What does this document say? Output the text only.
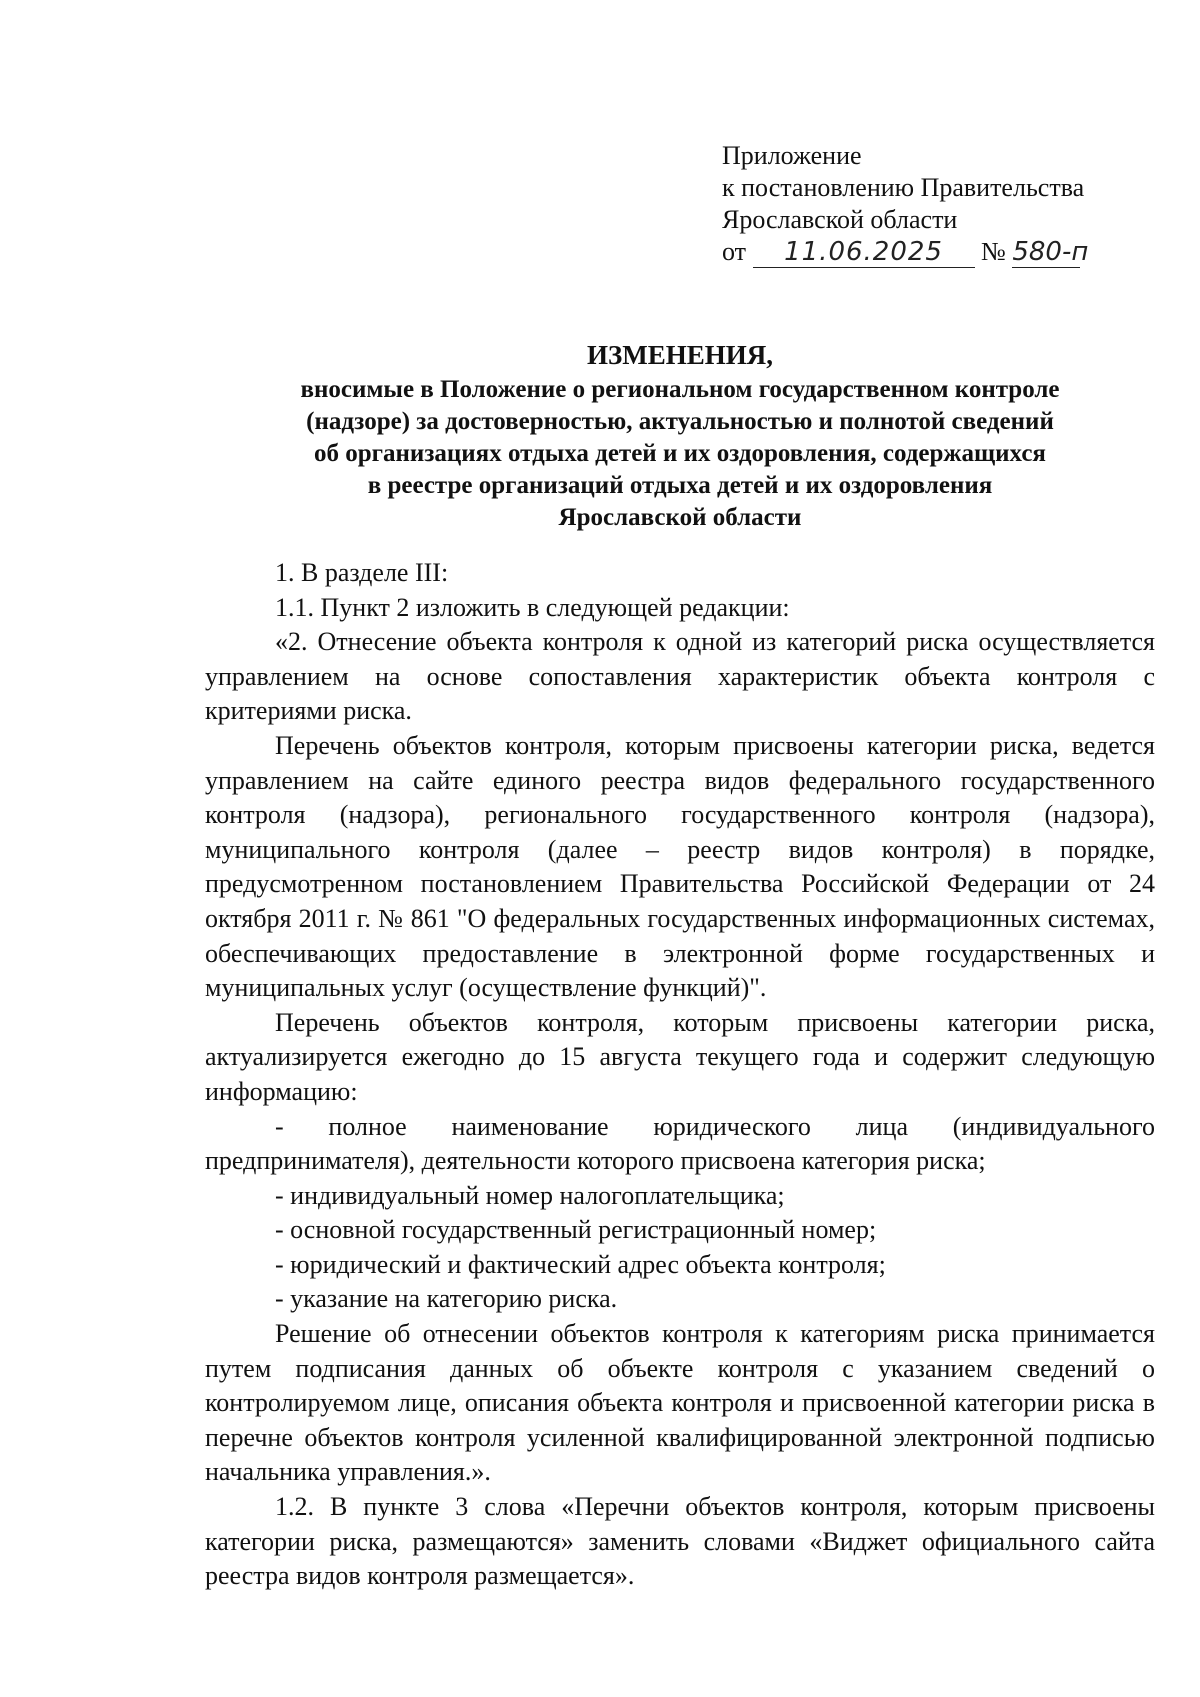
Приложение
к постановлению Правительства
Ярославской области
от 11.06.2025 № 580-п
ИЗМЕНЕНИЯ,
вносимые в Положение о региональном государственном контроле
(надзоре) за достоверностью, актуальностью и полнотой сведений
об организациях отдыха детей и их оздоровления, содержащихся
в реестре организаций отдыха детей и их оздоровления
Ярославской области

1. В разделе III:

1.1. Пункт 2 изложить в следующей редакции:

«2. Отнесение объекта контроля к одной из категорий риска осуществляется управлением на основе сопоставления характеристик объекта контроля с критериями риска.

Перечень объектов контроля, которым присвоены категории риска, ведется управлением на сайте единого реестра видов федерального государственного контроля (надзора), регионального государственного контроля (надзора), муниципального контроля (далее – реестр видов контроля) в порядке, предусмотренном постановлением Правительства Российской Федерации от 24 октября 2011 г. № 861 "О федеральных государственных информационных системах, обеспечивающих предоставление в электронной форме государственных и муниципальных услуг (осуществление функций)".

Перечень объектов контроля, которым присвоены категории риска, актуализируется ежегодно до 15 августа текущего года и содержит следующую информацию:

- полное наименование юридического лица (индивидуального предпринимателя), деятельности которого присвоена категория риска;

- индивидуальный номер налогоплательщика;

- основной государственный регистрационный номер;

- юридический и фактический адрес объекта контроля;

- указание на категорию риска.

Решение об отнесении объектов контроля к категориям риска принимается путем подписания данных об объекте контроля с указанием сведений о контролируемом лице, описания объекта контроля и присвоенной категории риска в перечне объектов контроля усиленной квалифицированной электронной подписью начальника управления.».

1.2. В пункте 3 слова «Перечни объектов контроля, которым присвоены категории риска, размещаются» заменить словами «Виджет официального сайта реестра видов контроля размещается».
